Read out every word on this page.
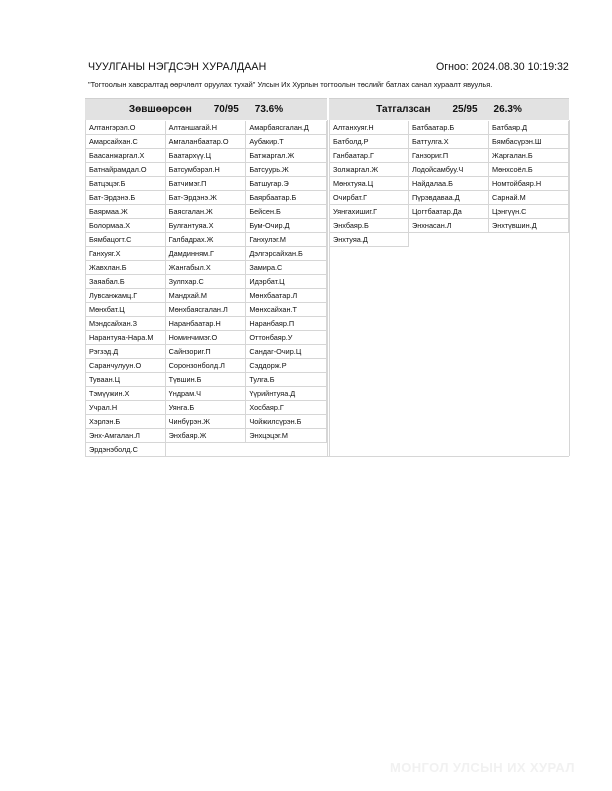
ЧУУЛГАНЫ НЭГДСЭН ХУРАЛДААН	Огноо: 2024.08.30 10:19:32
"Тогтоолын хавсралтад өөрчлөлт оруулах тухай" Улсын Их Хурлын тогтоолын төслийг батлах санал хураалт явуулья.
Зөвшөөрсөн 70/95 73.6%
Алтангэрэл.О	Алтаншагай.Н	Амарбаясгалан.Д
Амарсайхан.С	Амгаланбаатар.О	Аубакир.Т
Баасанжаргал.Х	Баатархүү.Ц	Батжаргал.Ж
Батнайрамдал.О	Батсумбэрэл.Н	Батсуурь.Ж
Батцэцэг.Б	Батчимэг.П	Батшугар.Э
Бат-Эрдэнэ.Б	Бат-Эрдэнэ.Ж	Баярбаатар.Б
Баярмаа.Ж	Баясгалан.Ж	Бейсен.Б
Болормаа.Х	Булгантуяа.Х	Бум-Очир.Д
Бямбацогт.С	Галбадрах.Ж	Ганхулэг.М
Ганхуяг.Х	Дамдинням.Г	Дэлгэрсайхан.Б
Жавхлан.Б	Жангабыл.Х	Замира.С
Заяабал.Б	Зулпхар.С	Идэрбат.Ц
Лувсанжамц.Г	Мандхай.М	Мөнхбаатар.Л
Мөнхбат.Ц	Мөнхбаясгалан.Л	Мөнхсайхан.Т
Мэндсайхан.З	Наранбаатар.Н	Наранбаяр.П
Нарантуяа-Нара.М	Номинчимэг.О	Оттонбаяр.У
Рэгзэд.Д	Сайнзориг.П	Сандаг-Очир.Ц
Саранчулуун.О	Соронзонболд.Л	Сэддорж.Р
Туваан.Ц	Түвшин.Б	Тулга.Б
Тэмүүжин.Х	Үндрам.Ч	Үүрийнтуяа.Д
Учрал.Н	Уянга.Б	Хосбаяр.Г
Хэрлэн.Б	Чинбүрэн.Ж	Чойжилсүрэн.Б
Энх-Амгалан.Л	Энхбаяр.Ж	Энхцэцэг.М
Эрдэнэболд.С
Татгалзсан 25/95 26.3%
Алтанхуяг.Н	Батбаатар.Б	Батбаяр.Д
Батболд.Р	Баттулга.Х	Бямбасүрэн.Ш
Ганбаатар.Г	Ганзориг.П	Жаргалан.Б
Золжаргал.Ж	Лодойсамбуу.Ч	Мөнхсоёл.Б
Мөнхтуяа.Ц	Найдалаа.Б	Номтойбаяр.Н
Очирбат.Г	Пүрэвдаваа.Д	Сарнай.М
Уянгахишиг.Г	Цогтбаатар.Да	Цэнгүүн.С
Энхбаяр.Б	Энхнасан.Л	Энхтүвшин.Д
Энхтуяа.Д
МОНГОЛ УЛСЫН ИХ ХУРАЛ
